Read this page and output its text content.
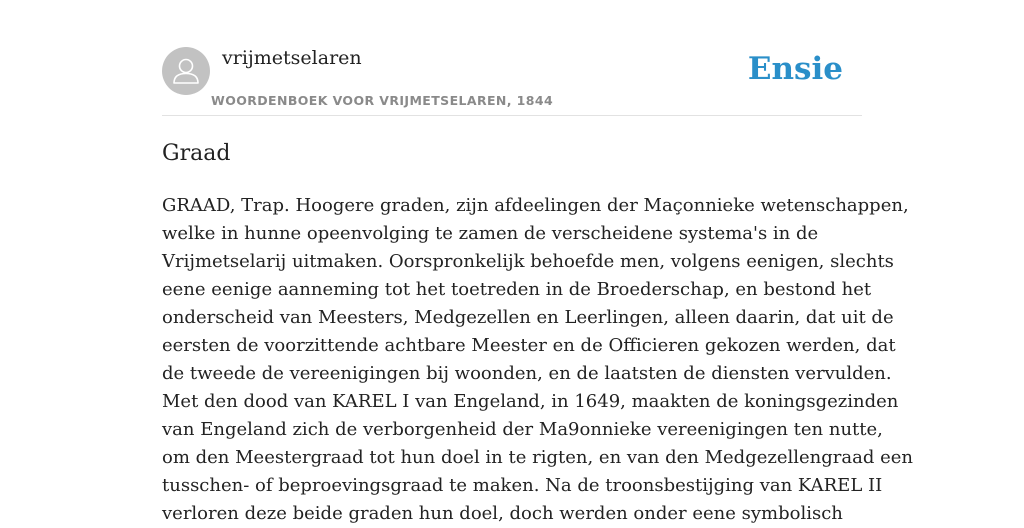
vrijmetselaren
WOORDENBOEK VOOR VRIJMETSELAREN, 1844
Ensie
Graad
GRAAD, Trap. Hoogere graden, zijn afdeelingen der Maçonnieke wetenschappen,
welke in hunne opeenvolging te zamen de verscheidene systema's in de
Vrijmetselarij uitmaken. Oorspronkelijk behoefde men, volgens eenigen, slechts
eene eenige aanneming tot het toetreden in de Broederschap, en bestond het
onderscheid van Meesters, Medgezellen en Leerlingen, alleen daarin, dat uit de
eersten de voorzittende achtbare Meester en de Officieren gekozen werden, dat
de tweede de vereenigingen bij woonden, en de laatsten de diensten vervulden.
Met den dood van KAREL I van Engeland, in 1649, maakten de koningsgezinden
van Engeland zich de verborgenheid der Ma9onnieke vereenigingen ten nutte,
om den Meestergraad tot hun doel in te rigten, en van den Medgezellengraad een
tusschen- of beproevingsgraad te maken. Na de troonsbestijging van KAREL II
verloren deze beide graden hun doel, doch werden onder eene symbolisch
